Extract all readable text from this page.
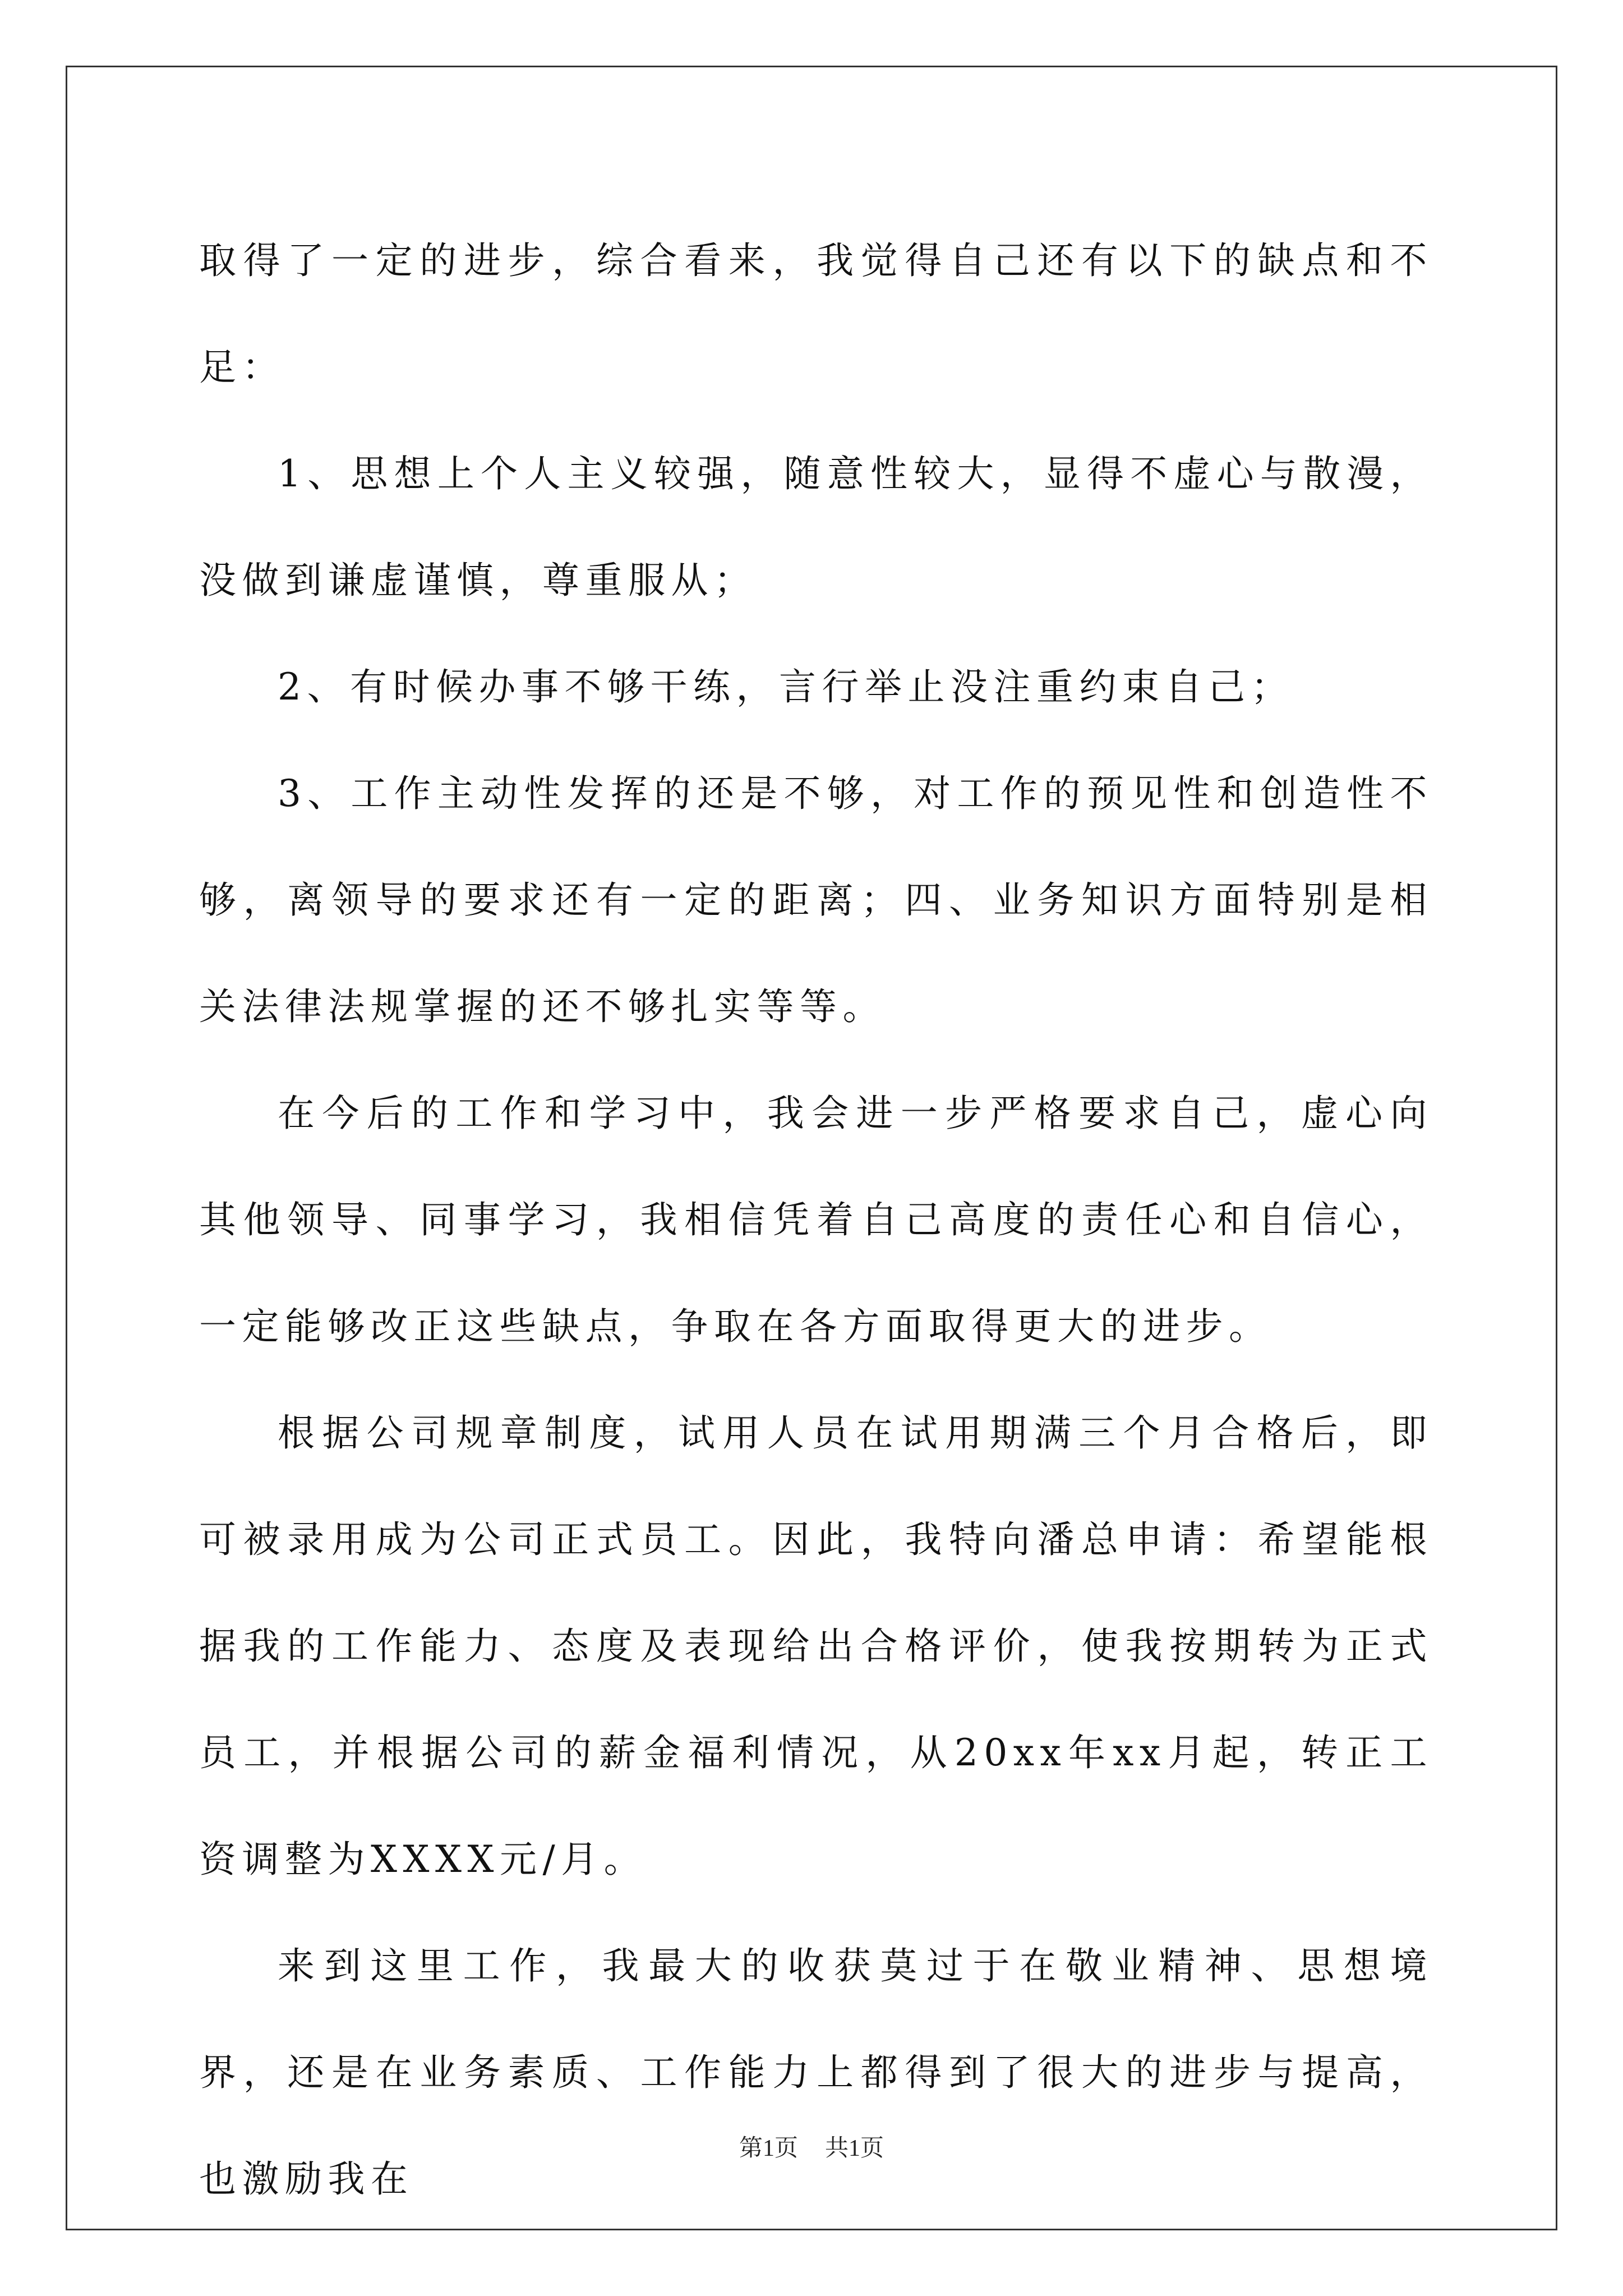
取得了一定的进步，综合看来，我觉得自己还有以下的缺点和不足：

1、思想上个人主义较强，随意性较大，显得不虚心与散漫，没做到谦虚谨慎，尊重服从；

2、有时候办事不够干练，言行举止没注重约束自己；

3、工作主动性发挥的还是不够，对工作的预见性和创造性不够，离领导的要求还有一定的距离；四、业务知识方面特别是相关法律法规掌握的还不够扎实等等。

在今后的工作和学习中，我会进一步严格要求自己，虚心向其他领导、同事学习，我相信凭着自己高度的责任心和自信心，一定能够改正这些缺点，争取在各方面取得更大的进步。

根据公司规章制度，试用人员在试用期满三个月合格后，即可被录用成为公司正式员工。因此，我特向潘总申请：希望能根据我的工作能力、态度及表现给出合格评价，使我按期转为正式员工，并根据公司的薪金福利情况，从20xx年xx月起，转正工资调整为XXXX元/月。

来到这里工作，我最大的收获莫过于在敬业精神、思想境界，还是在业务素质、工作能力上都得到了很大的进步与提高，也激励我在

第1页 共1页
